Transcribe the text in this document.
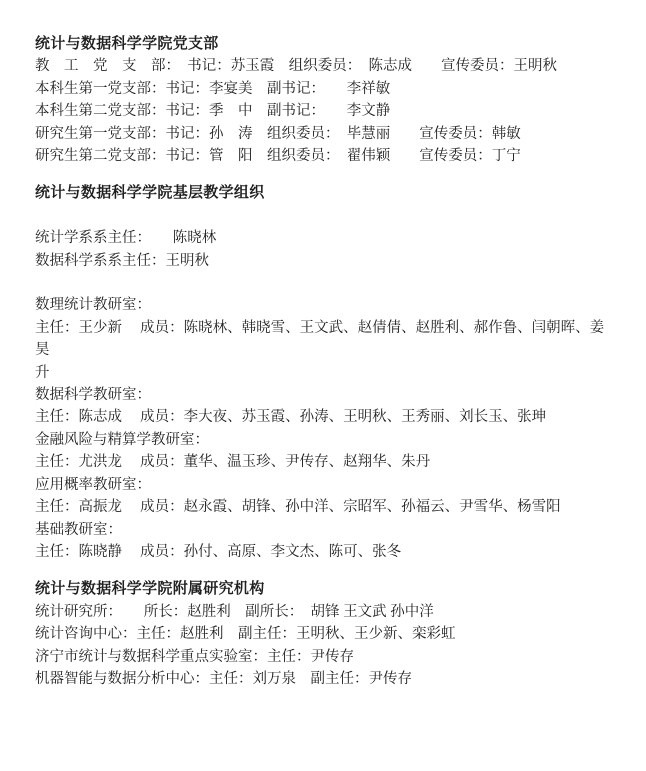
统计与数据科学学院党支部

教　工　党　支　部：　书记：苏玉霞　组织委员：　陈志成　　宣传委员：王明秋

本科生第一党支部：书记：李宴美　副书记：　　李祥敏

本科生第二党支部：书记：季　中　副书记：　　李文静

研究生第一党支部：书记：孙　涛　组织委员：　毕慧丽　　宣传委员：韩敏

研究生第二党支部：书记：管　阳　组织委员：　翟伟颖　　宣传委员：丁宁

统计与数据科学学院基层教学组织

统计学系系主任：　　陈晓林

数据科学系系主任：王明秋

数理统计教研室：

主任：王少新　 成员：陈晓林、韩晓雪、王文武、赵倩倩、赵胜利、郝作鲁、闫朝晖、姜昊

升

数据科学教研室：

主任：陈志成　 成员：李大夜、苏玉霞、孙涛、王明秋、王秀丽、刘长玉、张珅

金融风险与精算学教研室：

主任：尤洪龙　 成员：董华、温玉珍、尹传存、赵翔华、朱丹

应用概率教研室：

主任：高振龙　 成员：赵永霞、胡锋、孙中洋、宗昭军、孙福云、尹雪华、杨雪阳

基础教研室：

主任：陈晓静　 成员：孙付、高原、李文杰、陈可、张冬

统计与数据科学学院附属研究机构

统计研究所：　　所长：赵胜利　副所长：　胡锋 王文武 孙中洋

统计咨询中心：主任：赵胜利　副主任：王明秋、王少新、栾彩虹

济宁市统计与数据科学重点实验室：主任：尹传存

机器智能与数据分析中心：主任：刘万泉　副主任：尹传存
